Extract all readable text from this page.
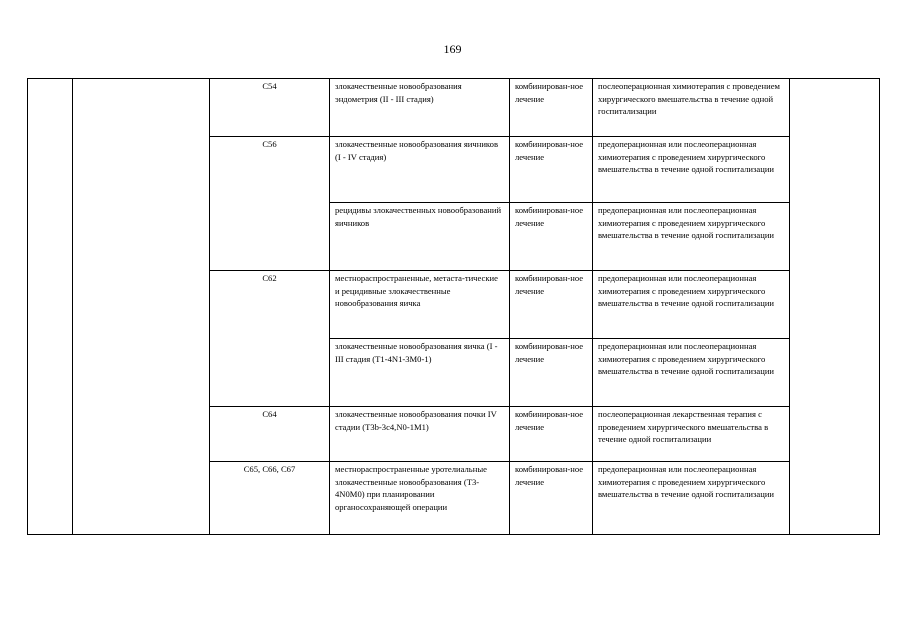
169
		C54	злокачественные новообразования эндометрия (II - III стадия)	комбинирован-ное лечение	послеоперационная химиотерапия с проведением хирургического вмешательства в течение одной госпитализации	
		C56	злокачественные новообразования яичников (I - IV стадия)	комбинирован-ное лечение	предоперационная или послеоперационная химиотерапия с проведением хирургического вмешательства в течение одной госпитализации	
			рецидивы злокачественных новообразований яичников	комбинирован-ное лечение	предоперационная или послеоперационная химиотерапия с проведением хирургического вмешательства в течение одной госпитализации	
		C62	местнораспространенные, метаста-тические и рецидивные злокачественные новообразования яичка	комбинирован-ное лечение	предоперационная или послеоперационная химиотерапия с проведением хирургического вмешательства в течение одной госпитализации	
			злокачественные новообразования яичка (I - III стадия (T1-4N1-3M0-1)	комбинирован-ное лечение	предоперационная или послеоперационная химиотерапия с проведением хирургического вмешательства в течение одной госпитализации	
		C64	злокачественные новообразования почки IV стадии (T3b-3c4,N0-1M1)	комбинирован-ное лечение	послеоперационная лекарственная терапия с проведением хирургического вмешательства в течение одной госпитализации	
		C65, C66, C67	местнораспространенные уротелиальные злокачественные новообразования (T3-4N0M0) при планировании органосохраняющей операции	комбинирован-ное лечение	предоперационная или послеоперационная химиотерапия с проведением хирургического вмешательства в течение одной госпитализации	
